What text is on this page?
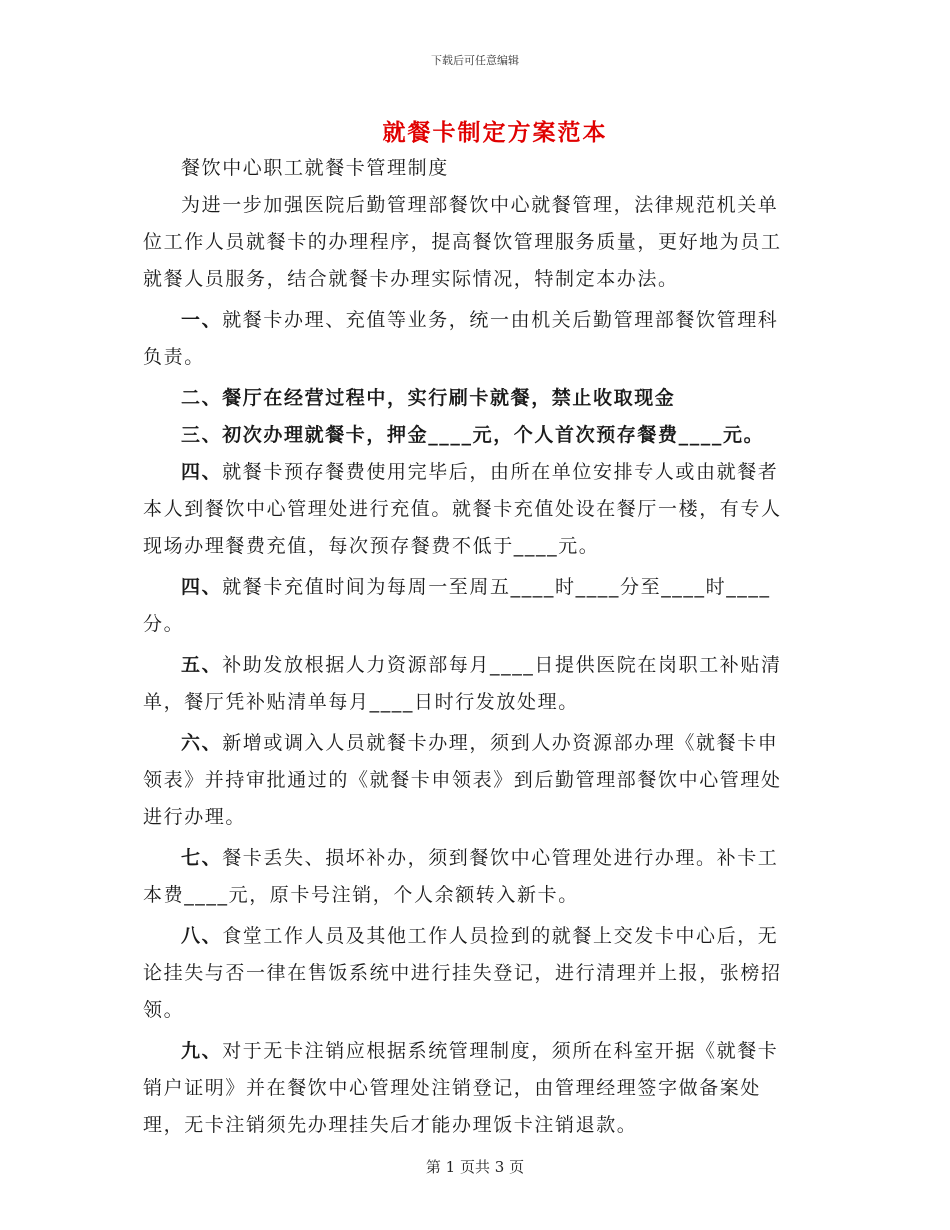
下载后可任意编辑
就餐卡制定方案范本

餐饮中心职工就餐卡管理制度

为进一步加强医院后勤管理部餐饮中心就餐管理，法律规范机关单位工作人员就餐卡的办理程序，提高餐饮管理服务质量，更好地为员工就餐人员服务，结合就餐卡办理实际情况，特制定本办法。

一、就餐卡办理、充值等业务，统一由机关后勤管理部餐饮管理科负责。

二、餐厅在经营过程中，实行刷卡就餐，禁止收取现金

三、初次办理就餐卡，押金____元，个人首次预存餐费____元。

四、就餐卡预存餐费使用完毕后，由所在单位安排专人或由就餐者本人到餐饮中心管理处进行充值。就餐卡充值处设在餐厅一楼，有专人现场办理餐费充值，每次预存餐费不低于____元。

四、就餐卡充值时间为每周一至周五____时____分至____时____分。

五、补助发放根据人力资源部每月____日提供医院在岗职工补贴清单，餐厅凭补贴清单每月____日时行发放处理。

六、新增或调入人员就餐卡办理，须到人办资源部办理《就餐卡申领表》并持审批通过的《就餐卡申领表》到后勤管理部餐饮中心管理处进行办理。

七、餐卡丢失、损坏补办，须到餐饮中心管理处进行办理。补卡工本费____元，原卡号注销，个人余额转入新卡。

八、食堂工作人员及其他工作人员捡到的就餐上交发卡中心后，无论挂失与否一律在售饭系统中进行挂失登记，进行清理并上报，张榜招领。

九、对于无卡注销应根据系统管理制度，须所在科室开据《就餐卡销户证明》并在餐饮中心管理处注销登记，由管理经理签字做备案处理，无卡注销须先办理挂失后才能办理饭卡注销退款。

第 1 页共 3 页
